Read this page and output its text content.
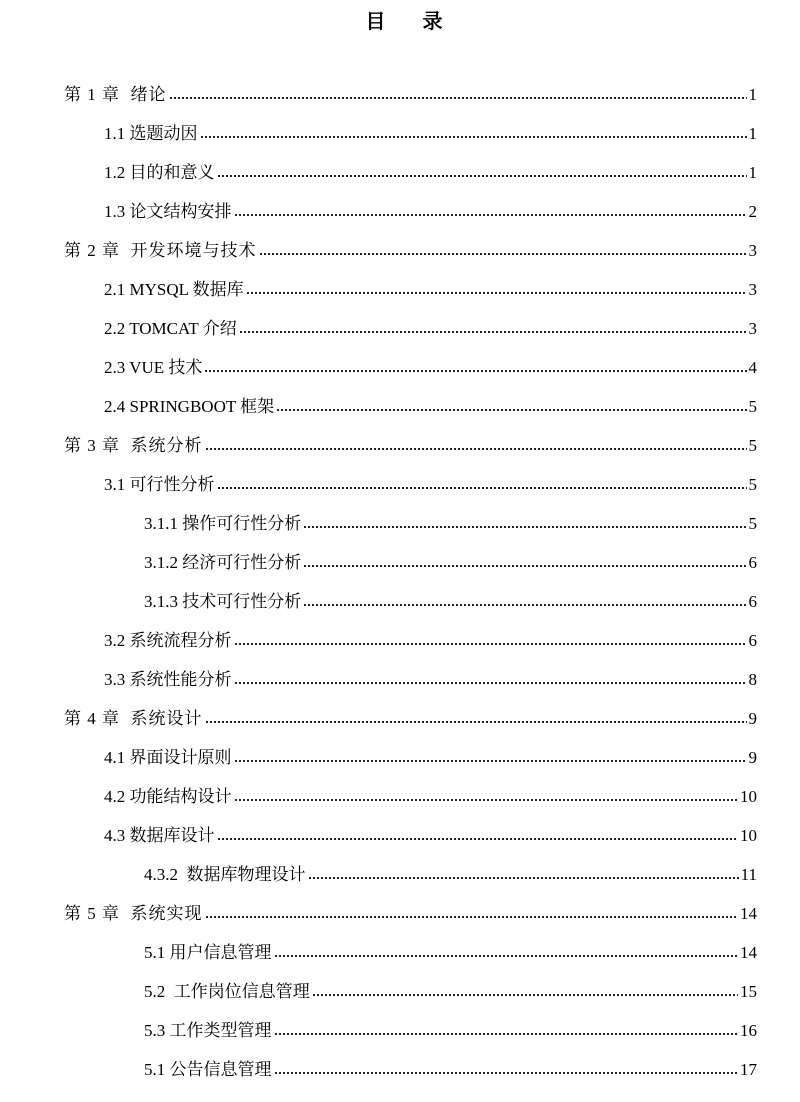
目 录
第 1 章  绪论	1
1.1 选题动因	1
1.2 目的和意义	1
1.3 论文结构安排	2
第 2 章  开发环境与技术	3
2.1 MYSQL 数据库	3
2.2 TOMCAT 介绍	3
2.3 VUE 技术	4
2.4 SPRINGBOOT 框架	5
第 3 章  系统分析	5
3.1 可行性分析	5
3.1.1 操作可行性分析	5
3.1.2 经济可行性分析	6
3.1.3 技术可行性分析	6
3.2 系统流程分析	6
3.3 系统性能分析	8
第 4 章  系统设计	9
4.1 界面设计原则	9
4.2 功能结构设计	10
4.3 数据库设计	10
4.3.2  数据库物理设计	11
第 5 章  系统实现	14
5.1 用户信息管理	14
5.2  工作岗位信息管理	15
5.3 工作类型管理	16
5.1 公告信息管理	17
